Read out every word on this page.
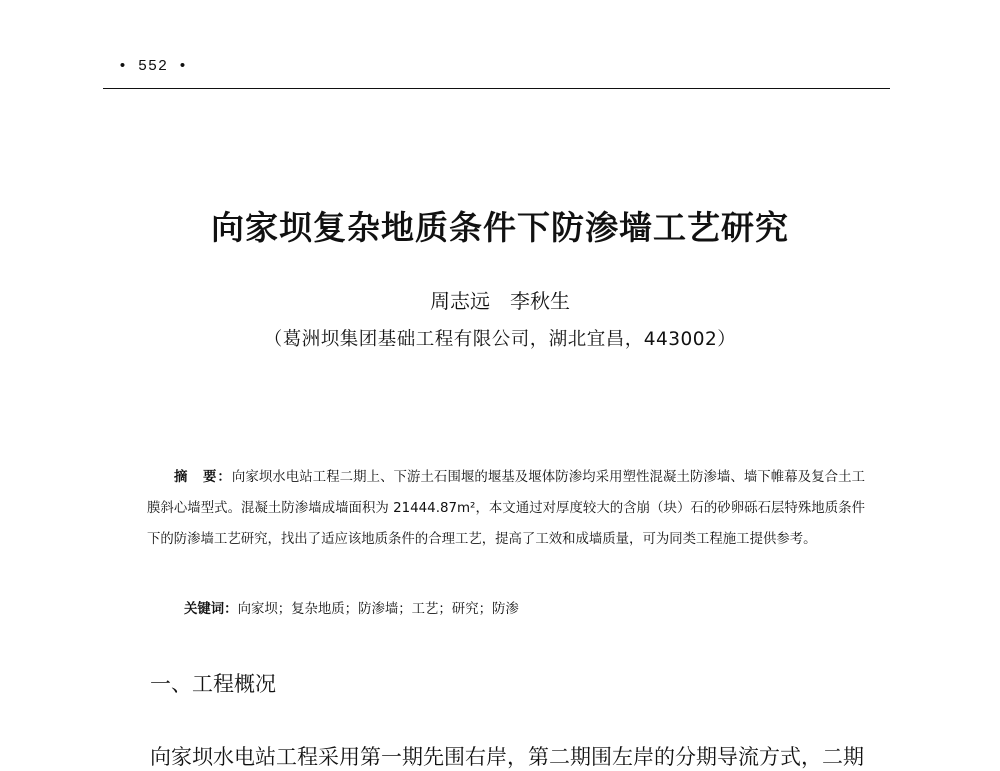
• 552 •
向家坝复杂地质条件下防渗墙工艺研究
周志远　李秋生
（葛洲坝集团基础工程有限公司，湖北宜昌，443002）

摘　要：向家坝水电站工程二期上、下游土石围堰的堰基及堰体防渗均采用塑性混凝土防渗墙、墙下帷幕及复合土工膜斜心墙型式。混凝土防渗墙成墙面积为 21444.87m²，本文通过对厚度较大的含崩（块）石的砂卵砾石层特殊地质条件下的防渗墙工艺研究，找出了适应该地质条件的合理工艺，提高了工效和成墙质量，可为同类工程施工提供参考。

关键词：向家坝；复杂地质；防渗墙；工艺；研究；防渗
一、工程概况
向家坝水电站工程采用第一期先围右岸，第二期围左岸的分期导流方式，二期
